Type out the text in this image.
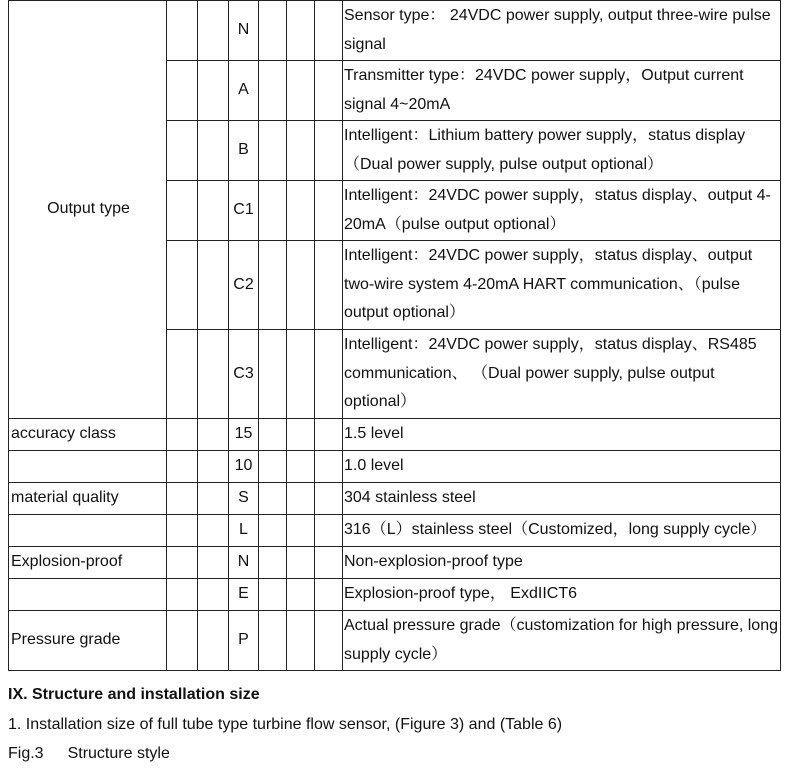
Output type			N				Sensor type： 24VDC power supply, output three-wire pulse signal
			A				Transmitter type：24VDC power supply，Output current signal 4~20mA
			B				Intelligent：Lithium battery power supply，status display （Dual power supply, pulse output optional）
			C1				Intelligent：24VDC power supply，status display、output 4-20mA（pulse output optional）
			C2				Intelligent：24VDC power supply，status display、output two-wire system 4-20mA HART communication、（pulse output optional）
			C3				Intelligent：24VDC power supply，status display、RS485 communication、 （Dual power supply, pulse output optional）
accuracy class			15				1.5 level
			10				1.0 level
material quality			S				304 stainless steel
			L				316（L）stainless steel（Customized，long supply cycle）
Explosion-proof			N				Non-explosion-proof type
			E				Explosion-proof type， ExdIICT6
Pressure grade			P				Actual pressure grade（customization for high pressure, long supply cycle）
IX. Structure and installation size
1. Installation size of full tube type turbine flow sensor, (Figure 3) and (Table 6)
Fig.3 Structure style
